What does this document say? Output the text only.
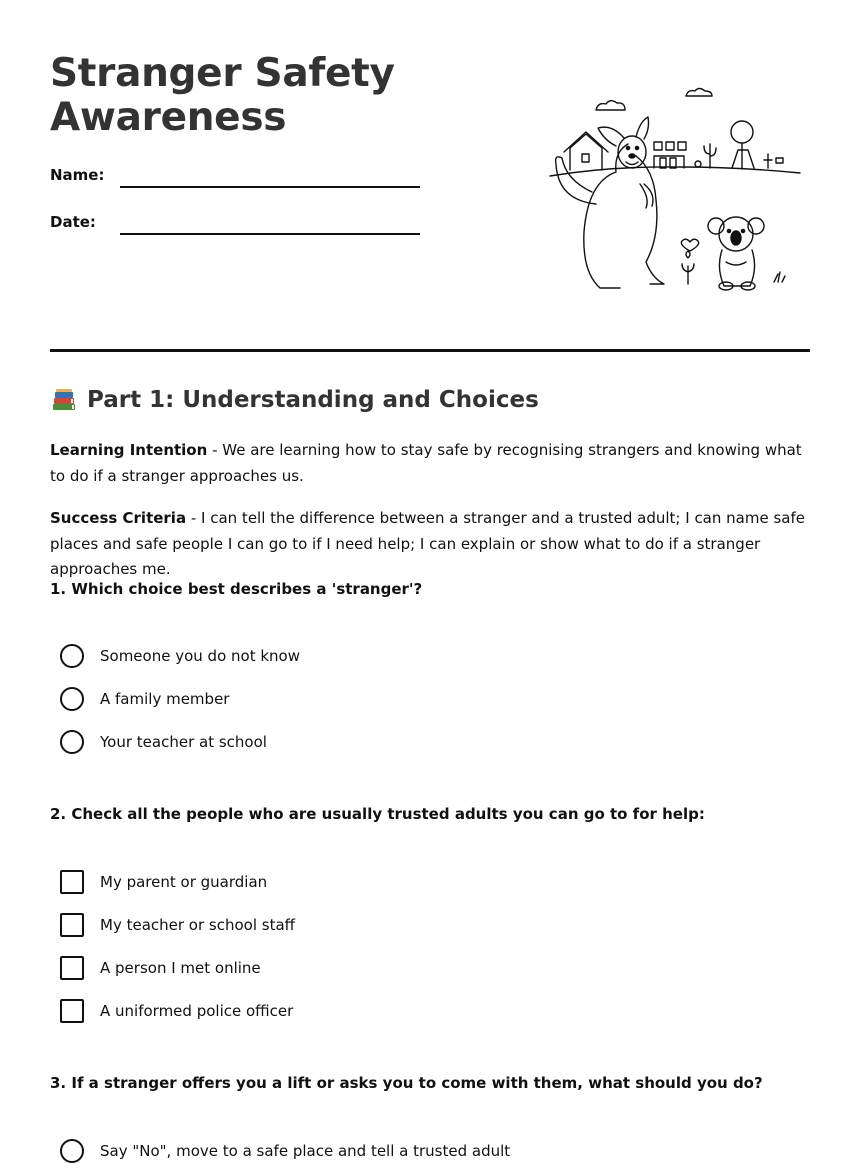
Stranger Safety Awareness
Name:
Date:
Part 1: Understanding and Choices

Learning Intention - We are learning how to stay safe by recognising strangers and knowing what to do if a stranger approaches us.

Success Criteria - I can tell the difference between a stranger and a trusted adult; I can name safe places and safe people I can go to if I need help; I can explain or show what to do if a stranger approaches me.

1. Which choice best describes a 'stranger'?

Someone you do not know
A family member
Your teacher at school

2. Check all the people who are usually trusted adults you can go to for help:

My parent or guardian
My teacher or school staff
A person I met online
A uniformed police officer

3. If a stranger offers you a lift or asks you to come with them, what should you do?

Say "No", move to a safe place and tell a trusted adult
